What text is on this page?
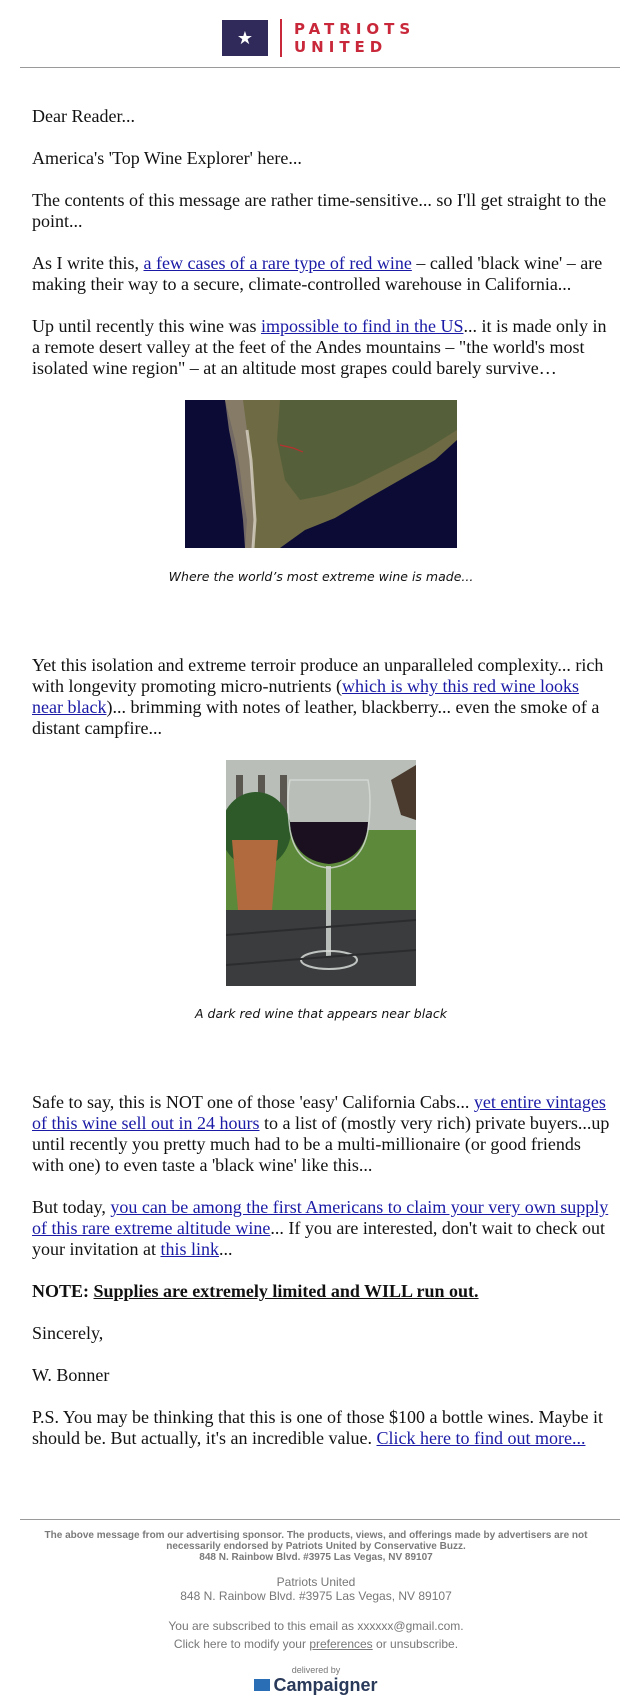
★	PATRIOTS
UNITED

Dear Reader...

America's 'Top Wine Explorer' here...

The contents of this message are rather time-sensitive... so I'll get straight to the point...

As I write this, a few cases of a rare type of red wine – called 'black wine' – are making their way to a secure, climate-controlled warehouse in California...

Up until recently this wine was impossible to find in the US... it is made only in a remote desert valley at the feet of the Andes mountains – "the world's most isolated wine region" – at an altitude most grapes could barely survive…

Where the world’s most extreme wine is made...

Yet this isolation and extreme terroir produce an unparalleled complexity... rich with longevity promoting micro-nutrients (which is why this red wine looks near black)... brimming with notes of leather, blackberry... even the smoke of a distant campfire...

A dark red wine that appears near black

Safe to say, this is NOT one of those 'easy' California Cabs... yet entire vintages of this wine sell out in 24 hours to a list of (mostly very rich) private buyers...up until recently you pretty much had to be a multi-millionaire (or good friends with one) to even taste a 'black wine' like this...

But today, you can be among the first Americans to claim your very own supply of this rare extreme altitude wine... If you are interested, don't wait to check out your invitation at this link...

NOTE: Supplies are extremely limited and WILL run out.

Sincerely,

W. Bonner

P.S. You may be thinking that this is one of those $100 a bottle wines. Maybe it should be. But actually, it's an incredible value. Click here to find out more...

The above message from our advertising sponsor. The products, views, and offerings made by advertisers are not necessarily endorsed by Patriots United by Conservative Buzz.
848 N. Rainbow Blvd. #3975 Las Vegas, NV 89107
Patriots United
848 N. Rainbow Blvd. #3975 Las Vegas, NV 89107
You are subscribed to this email as xxxxxx@gmail.com.
Click here to modify your preferences or unsubscribe.
delivered by
Campaigner
